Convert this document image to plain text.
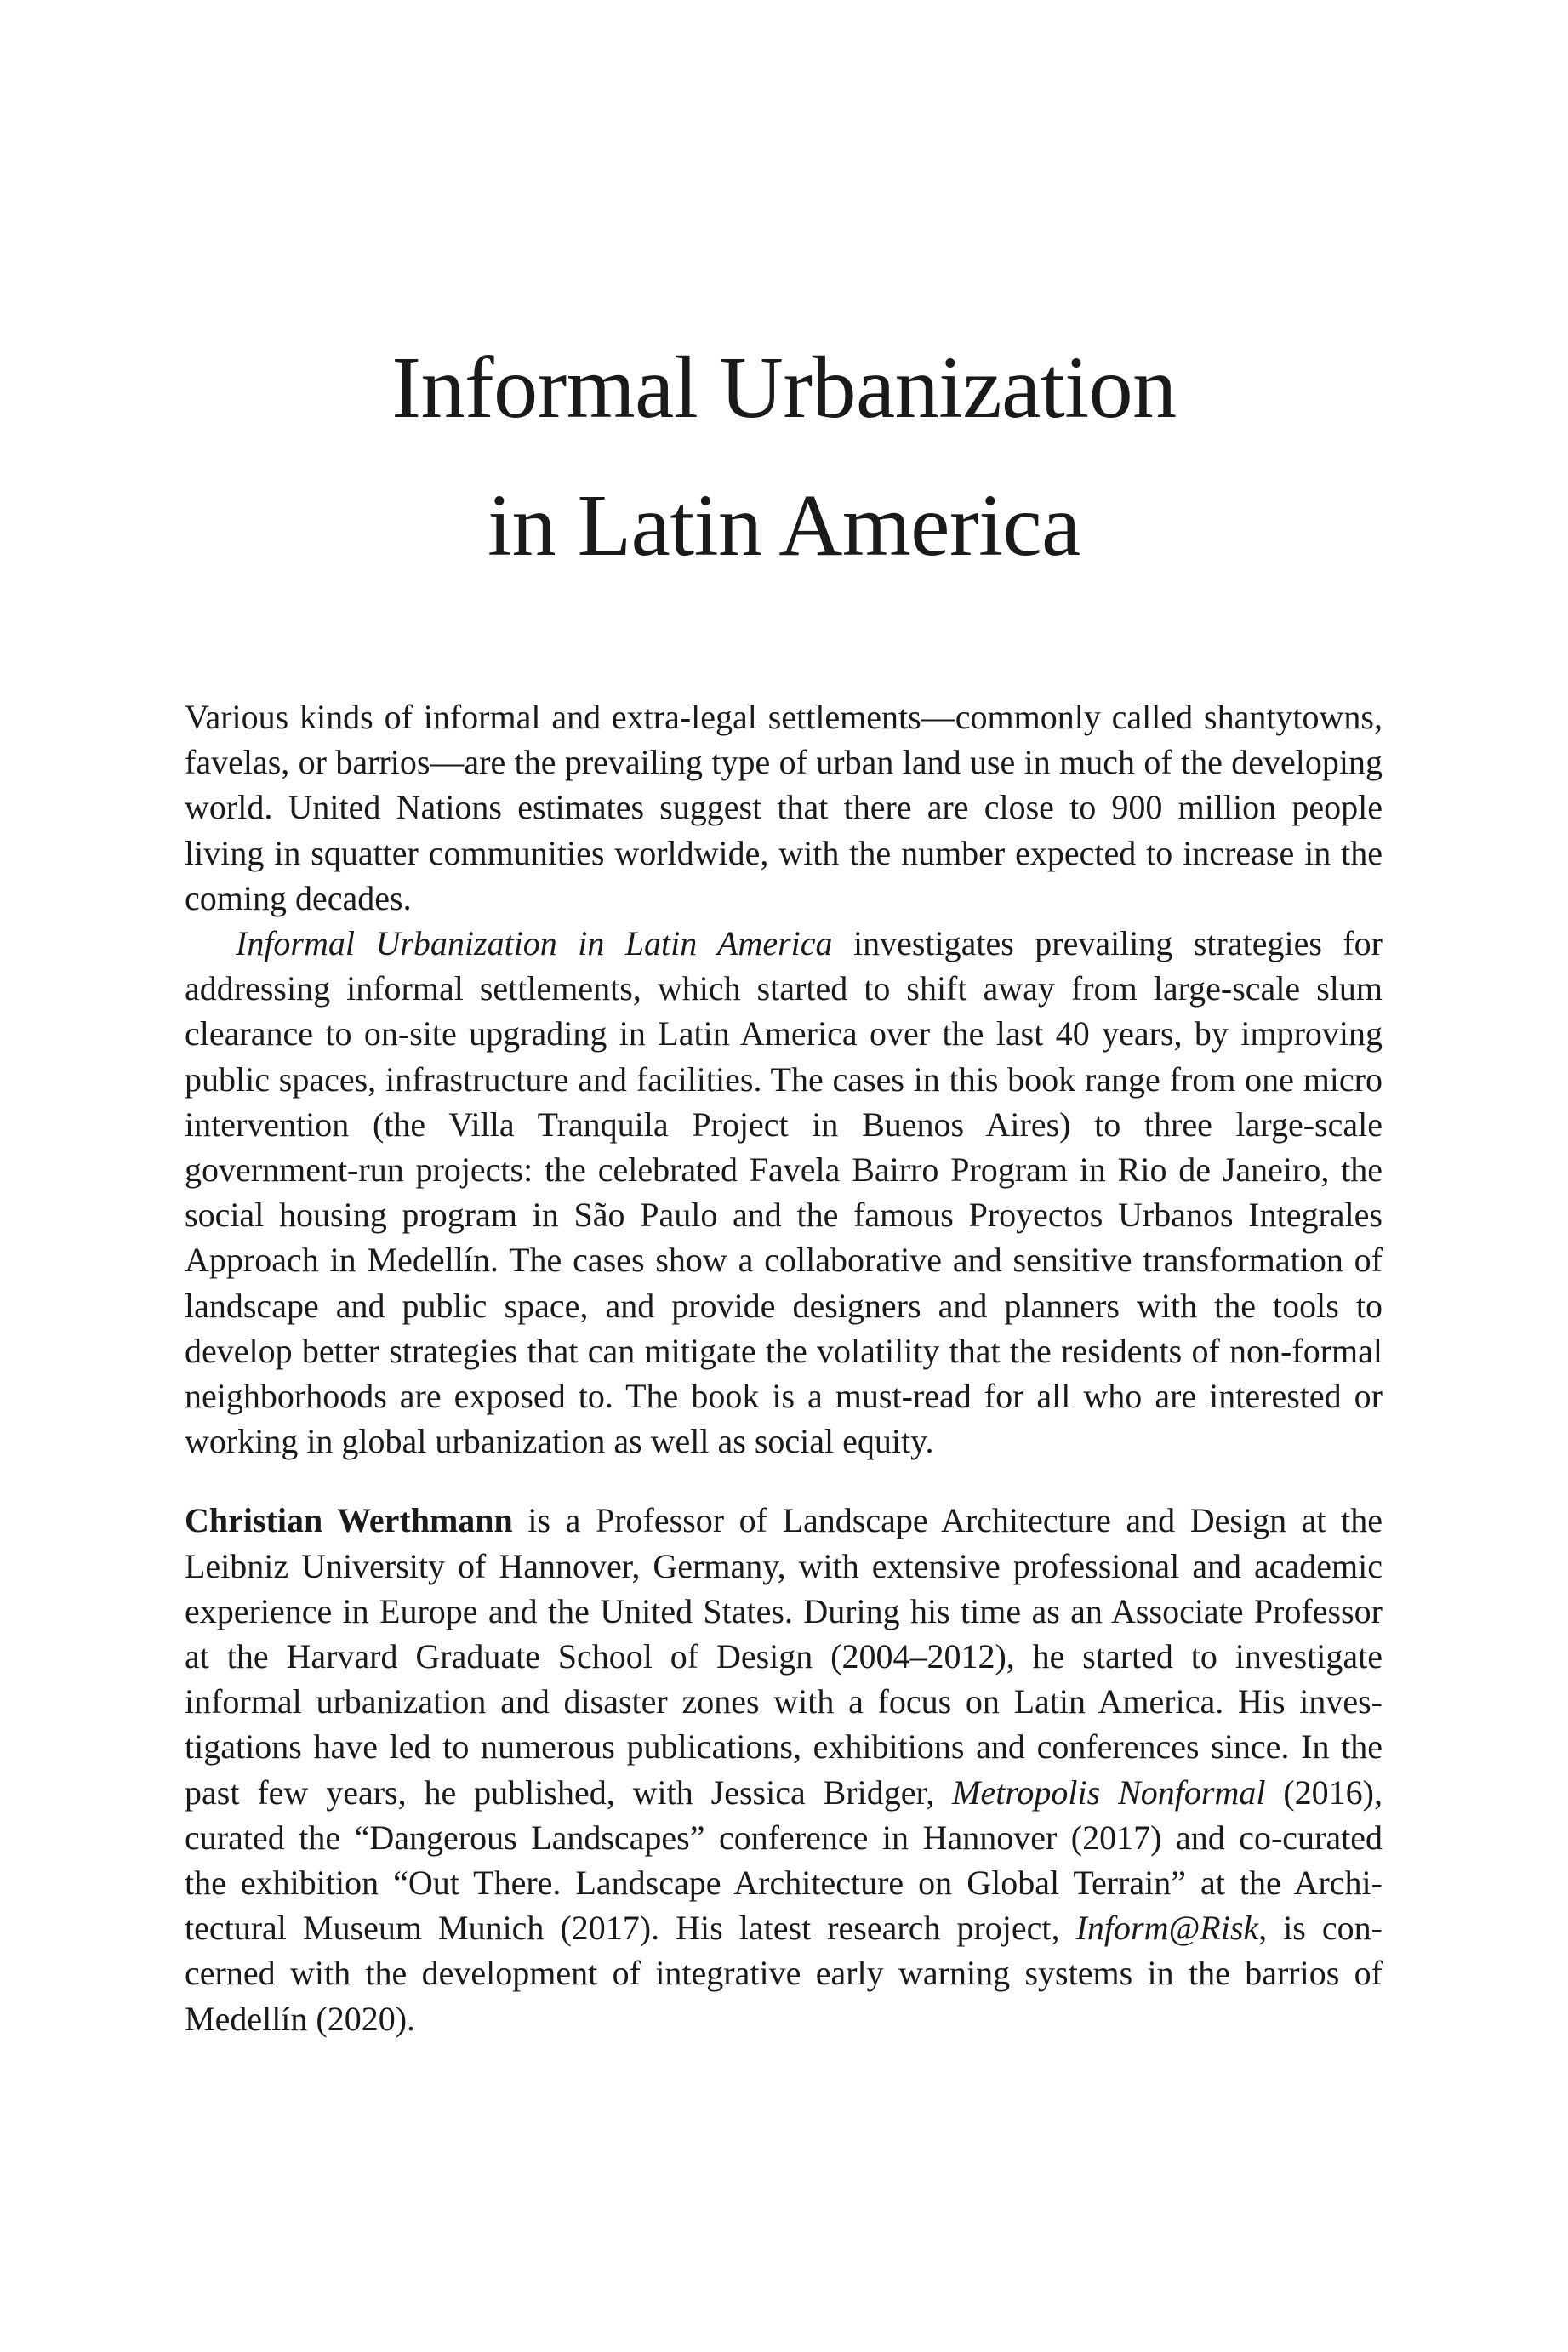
Informal Urbanization
in Latin America

Various kinds of informal and extra-legal settlements—commonly called shantytowns, favelas, or barrios—are the prevailing type of urban land use in much of the developing world. United Nations estimates suggest that there are close to 900 million people living in squatter communities worldwide, with the number expected to increase in the coming decades.

Informal Urbanization in Latin America investigates prevailing strategies for addressing informal settlements, which started to shift away from large-scale slum clearance to on-site upgrading in Latin America over the last 40 years, by improving public spaces, infrastructure and facilities. The cases in this book range from one micro intervention (the Villa Tranquila Project in Buenos Aires) to three large-scale government-run projects: the celebrated Favela Bairro Program in Rio de Janeiro, the social housing program in São Paulo and the famous Proyectos Urbanos Integrales Approach in Medellín. The cases show a collaborative and sensitive transformation of landscape and public space, and provide designers and planners with the tools to develop better strategies that can mitigate the volatility that the residents of non-formal neighborhoods are exposed to. The book is a must-read for all who are interested or working in global urbanization as well as social equity.

Christian Werthmann is a Professor of Landscape Architecture and Design at the Leibniz University of Hannover, Germany, with extensive professional and academic experience in Europe and the United States. During his time as an Associate Professor at the Harvard Graduate School of Design (2004–2012), he started to investigate informal urbanization and disaster zones with a focus on Latin America. His investigations have led to numerous publications, exhibitions and conferences since. In the past few years, he published, with Jessica Bridger, Metropolis Nonformal (2016), curated the “Dangerous Landscapes” conference in Hannover (2017) and co-curated the exhibition “Out There. Landscape Architecture on Global Terrain” at the Architectural Museum Munich (2017). His latest research project, Inform@Risk, is concerned with the development of integrative early warning systems in the barrios of Medellín (2020).
